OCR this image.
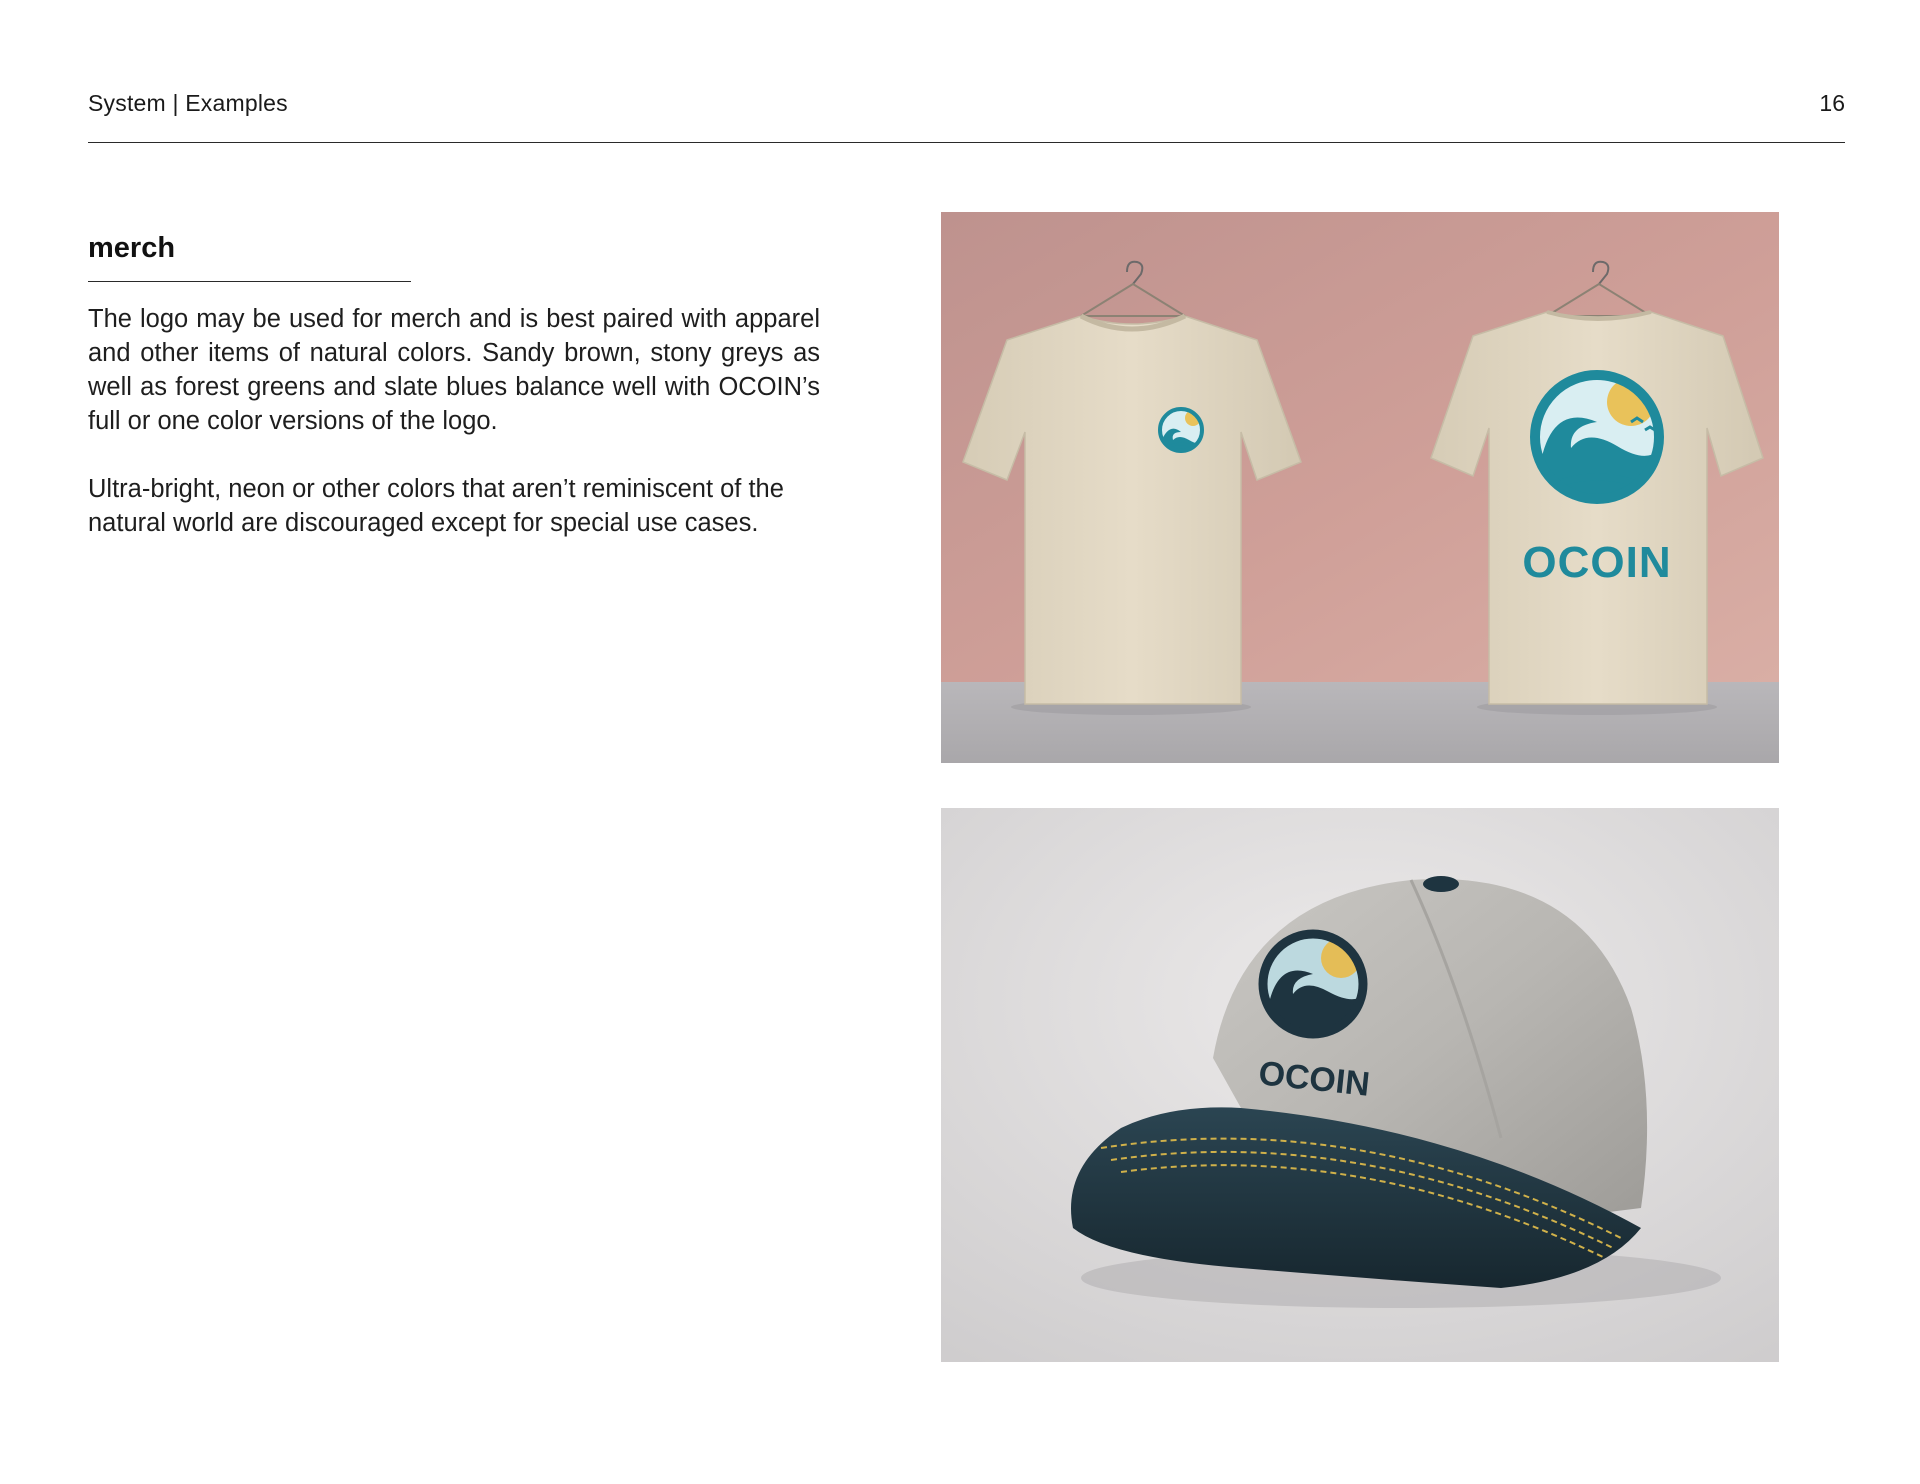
System | Examples	16
merch

The logo may be used for merch and is best paired with apparel and other items of natural colors. Sandy brown, stony greys as well as forest greens and slate blues balance well with OCOIN’s full or one color versions of the logo.

Ultra-bright, neon or other colors that aren’t reminiscent of the natural world are discouraged except for special use cases.

OCOIN
OCOIN
